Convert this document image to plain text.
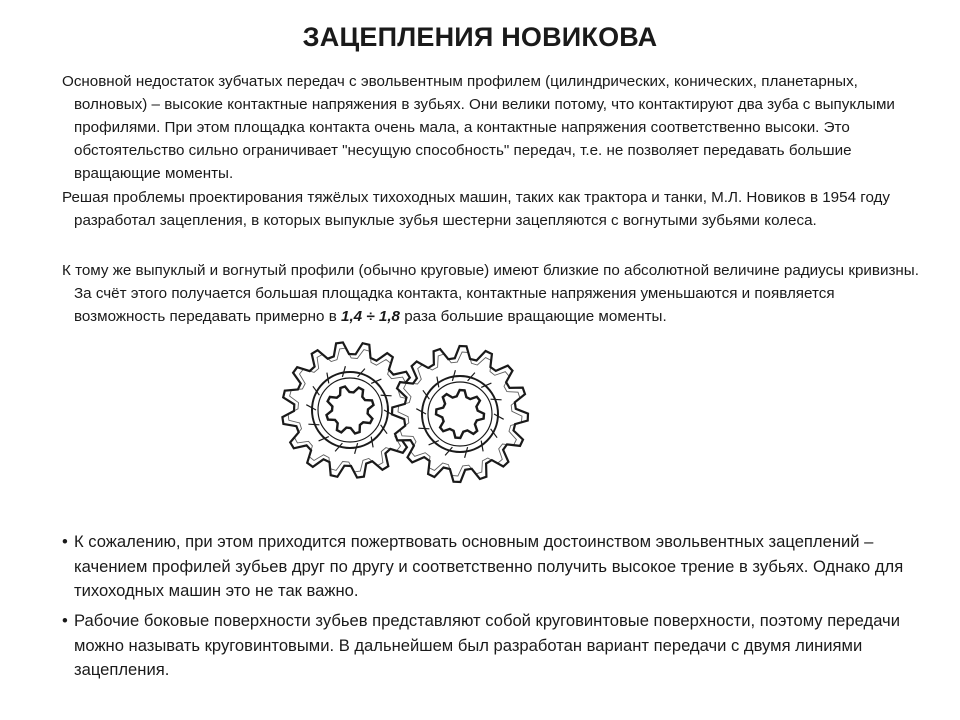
ЗАЦЕПЛЕНИЯ НОВИКОВА

Основной недостаток зубчатых передач с эвольвентным профилем (цилиндрических, конических, планетарных, волновых) – высокие контактные напряжения в зубьях. Они велики потому, что контактируют два зуба с выпуклыми профилями. При этом площадка контакта очень мала, а контактные напряжения соответственно высоки. Это обстоятельство сильно ограничивает "несущую способность" передач, т.е. не позволяет передавать большие вращающие моменты.

Решая проблемы проектирования тяжёлых тихоходных машин, таких как трактора и танки, М.Л. Новиков в 1954 году разработал зацепления, в которых выпуклые зубья шестерни зацепляются с вогнутыми зубьями колеса.

К тому же выпуклый и вогнутый профили (обычно круговые) имеют близкие по абсолютной величине радиусы кривизны. За счёт этого получается большая площадка контакта, контактные напряжения уменьшаются и появляется возможность передавать примерно в 1,4 ÷ 1,8 раза большие вращающие моменты.

• К сожалению, при этом приходится пожертвовать основным достоинством эвольвентных зацеплений – качением профилей зубьев друг по другу и соответственно получить высокое трение в зубьях. Однако для тихоходных машин это не так важно.

• Рабочие боковые поверхности зубьев представляют собой круговинтовые поверхности, поэтому передачи можно называть круговинтовыми. В дальнейшем был разработан вариант передачи с двумя линиями зацепления.
